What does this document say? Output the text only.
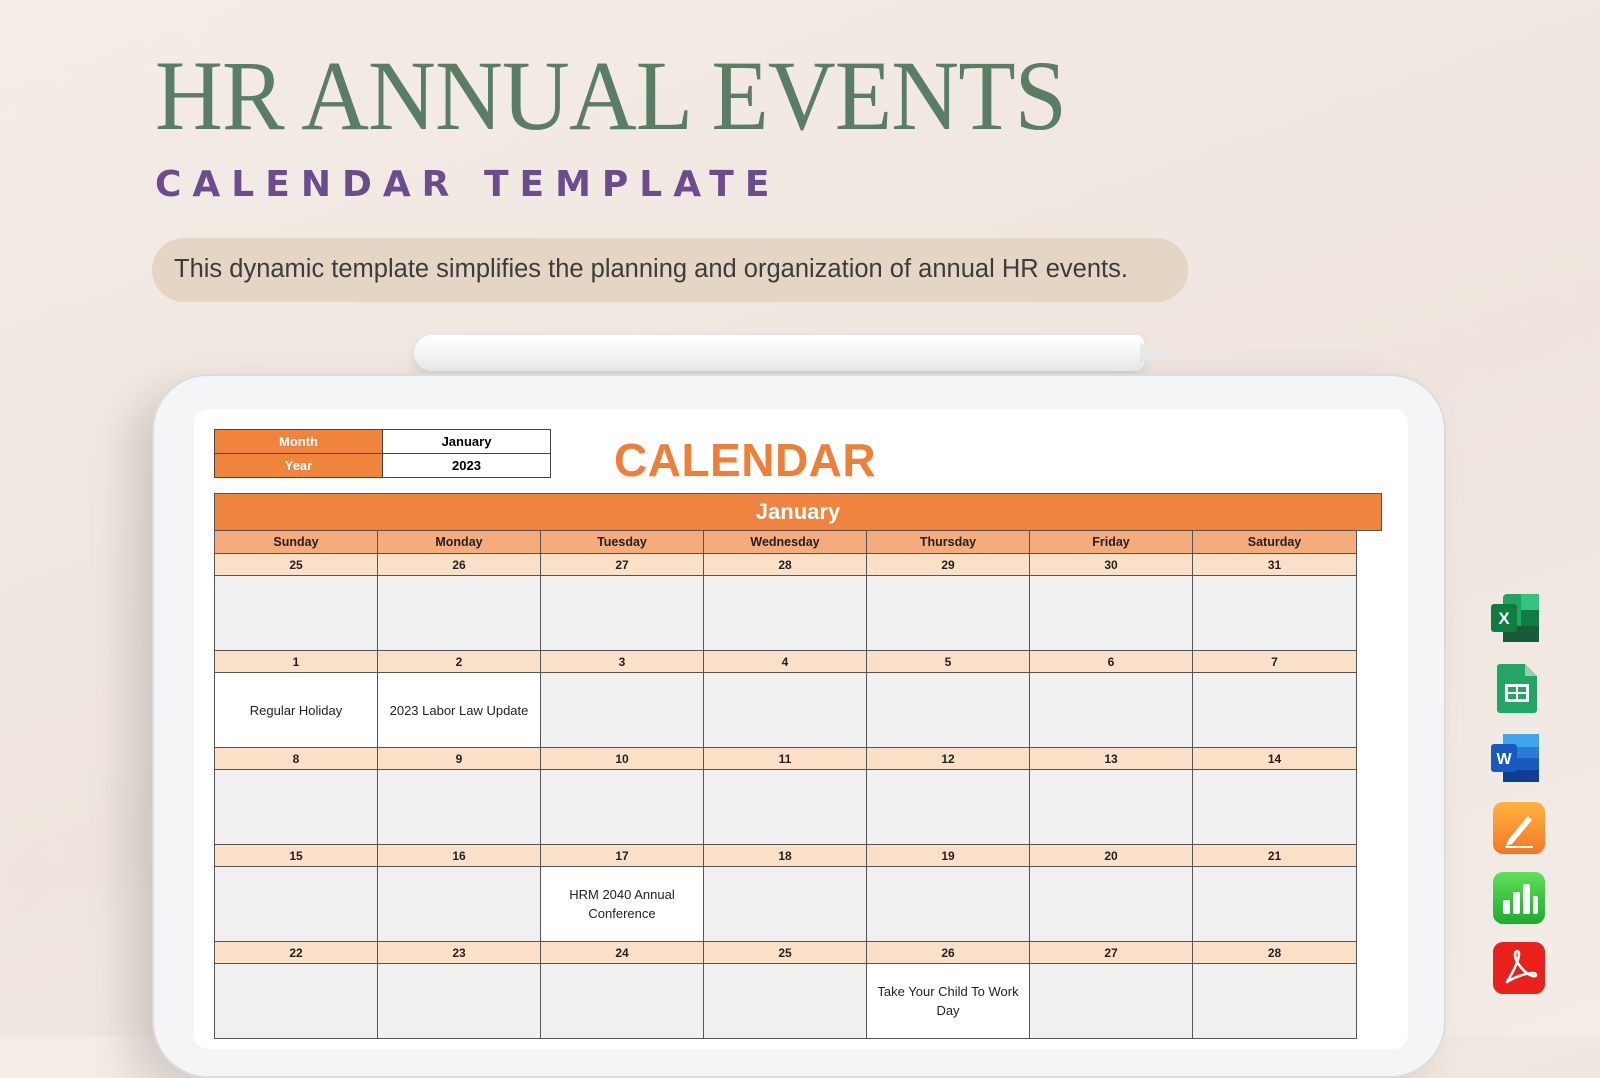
HR ANNUAL EVENTS
CALENDAR TEMPLATE
This dynamic template simplifies the planning and organization of annual HR events.
Month	January
Year	2023	CALENDAR
January
Sunday	Monday	Tuesday	Wednesday	Thursday	Friday	Saturday
25	26	27	28	29	30	31

1	2	3	4	5	6	7
Regular Holiday	2023 Labor Law Update					
8	9	10	11	12	13	14

15	16	17	18	19	20	21
		HRM 2040 Annual Conference				
22	23	24	25	26	27	28
				Take Your Child To Work Day		
X
W
